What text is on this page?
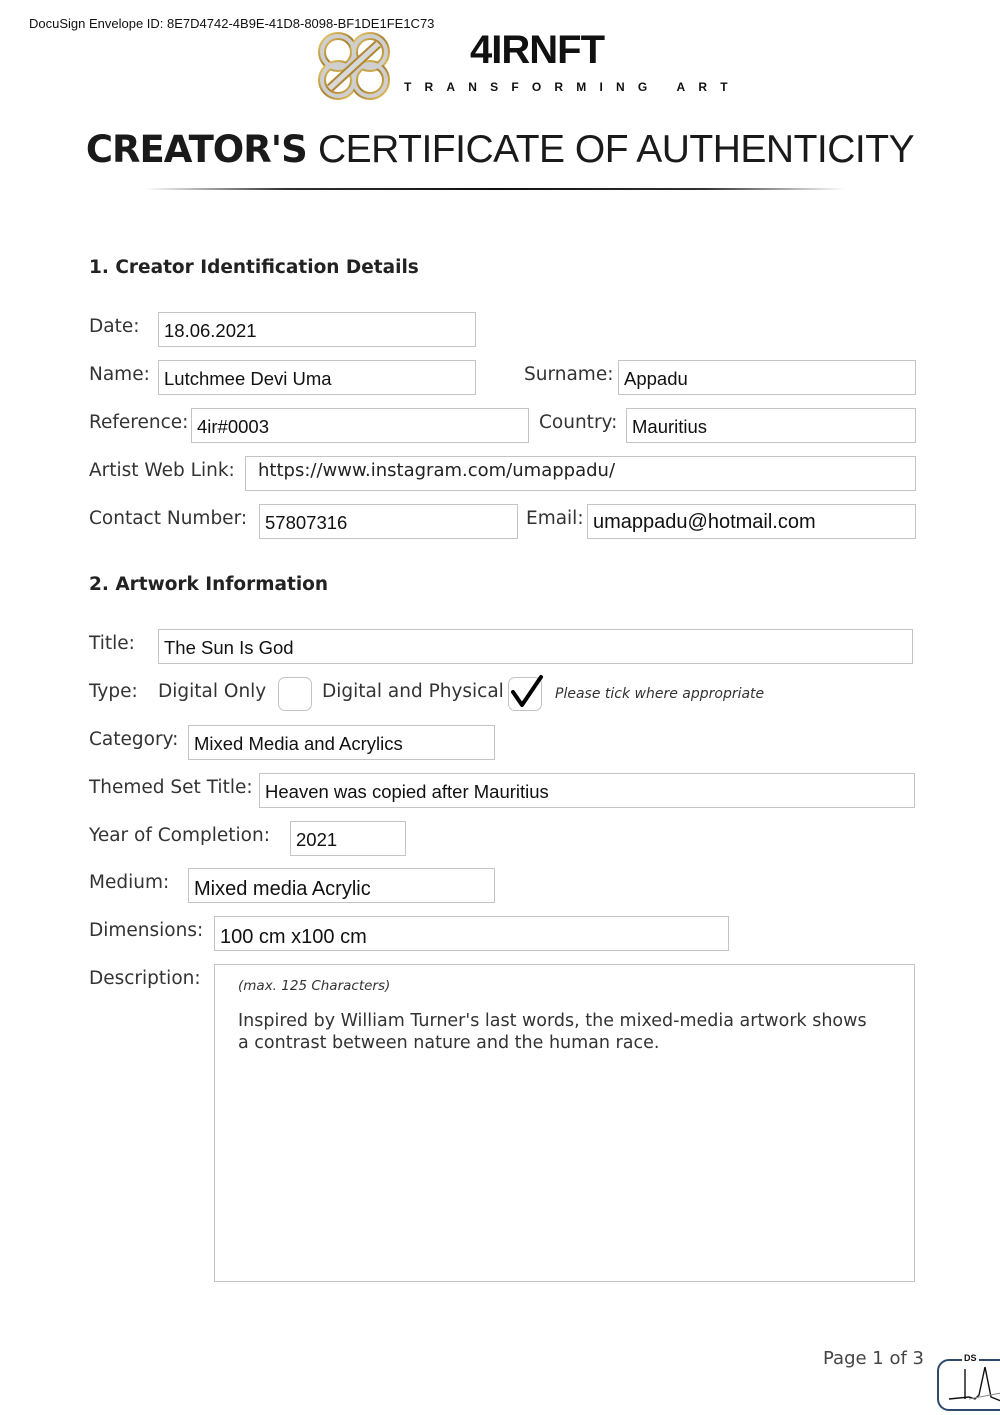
DocuSign Envelope ID: 8E7D4742-4B9E-41D8-8098-BF1DE1FE1C73
4IRNFT
TRANSFORMING ART
CREATOR'S CERTIFICATE OF AUTHENTICITY
1. Creator Identification Details
Date:	18.06.2021
Name: Lutchmee Devi Uma	Surname: Appadu
Reference: 4ir#0003	Country: Mauritius
Artist Web Link:	https://www.instagram.com/umappadu/
Contact Number: 57807316	Email: umappadu@hotmail.com
2. Artwork Information
Title:	The Sun Is God
Type: Digital Only	Digital and Physical	Please tick where appropriate
Category: Mixed Media and Acrylics
Themed Set Title: Heaven was copied after Mauritius
Year of Completion:	2021
Medium:	Mixed media Acrylic
Dimensions: 100 cm x100 cm
Description:	(max. 125 Characters)
Inspired by William Turner's last words, the mixed-media artwork shows a contrast between nature and the human race.
Page 1 of 3	DS
